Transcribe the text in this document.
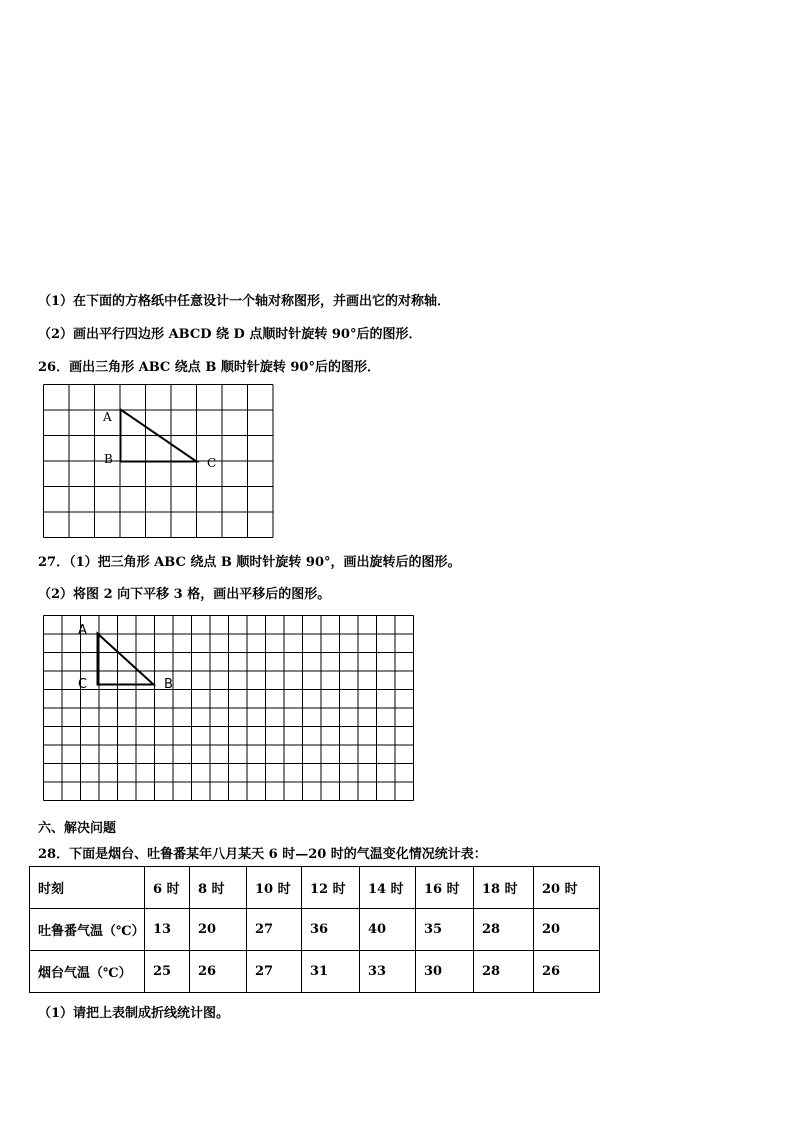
（1）在下面的方格纸中任意设计一个轴对称图形，并画出它的对称轴．
（2）画出平行四边形 ABCD 绕 D 点顺时针旋转 90°后的图形．
26．画出三角形 ABC 绕点 B 顺时针旋转 90°后的图形．
A
B	C
27．（1）把三角形 ABC 绕点 B 顺时针旋转 90°，画出旋转后的图形。
（2）将图 2 向下平移 3 格，画出平移后的图形。
A
C	B
六、解决问题
28．下面是烟台、吐鲁番某年八月某天 6 时—20 时的气温变化情况统计表：
时刻	6 时	8 时	10 时	12 时	14 时	16 时	18 时	20 时
吐鲁番气温（℃）	13	20	27	36	40	35	28	20
烟台气温（℃）	25	26	27	31	33	30	28	26
（1）请把上表制成折线统计图。
